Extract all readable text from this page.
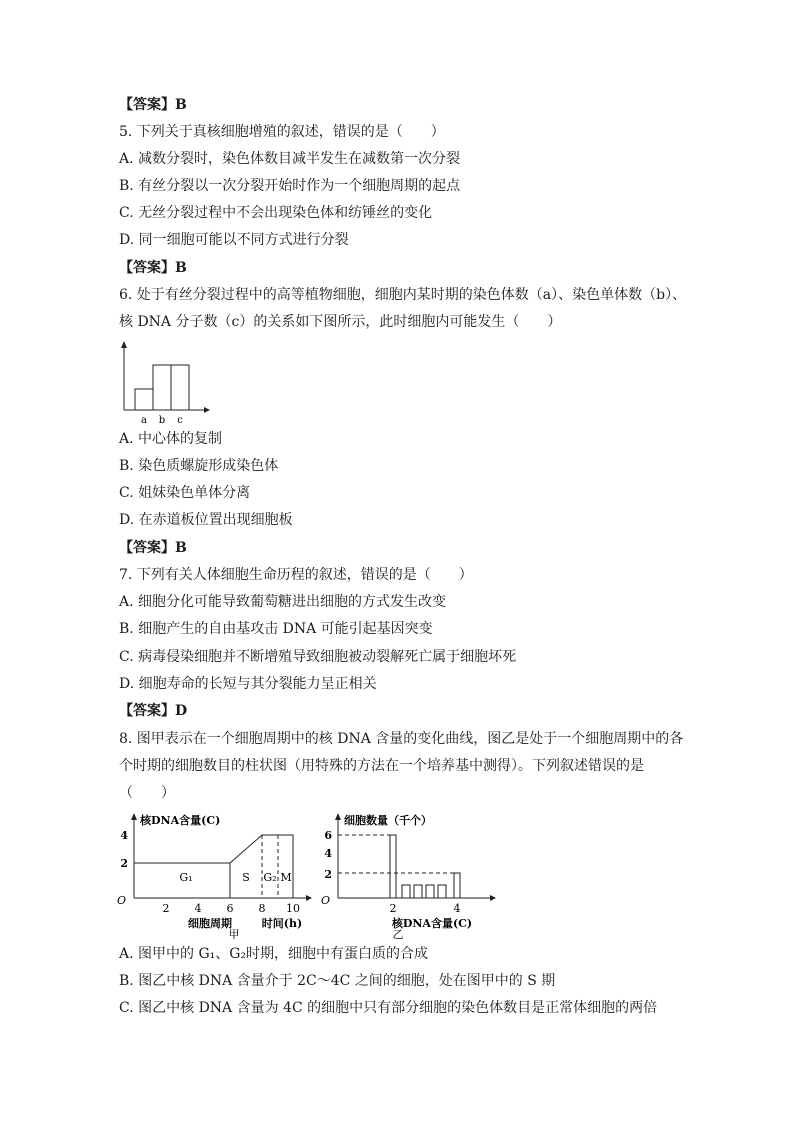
【答案】B
5. 下列关于真核细胞增殖的叙述，错误的是（　　）
A. 减数分裂时，染色体数目减半发生在减数第一次分裂
B. 有丝分裂以一次分裂开始时作为一个细胞周期的起点
C. 无丝分裂过程中不会出现染色体和纺锤丝的变化
D. 同一细胞可能以不同方式进行分裂
【答案】B
6. 处于有丝分裂过程中的高等植物细胞，细胞内某时期的染色体数（a）、染色单体数（b）、
核 DNA 分子数（c）的关系如下图所示，此时细胞内可能发生（　　）
a b c
A. 中心体的复制
B. 染色质螺旋形成染色体
C. 姐妹染色单体分离
D. 在赤道板位置出现细胞板
【答案】B
7. 下列有关人体细胞生命历程的叙述，错误的是（　　）
A. 细胞分化可能导致葡萄糖进出细胞的方式发生改变
B. 细胞产生的自由基攻击 DNA 可能引起基因突变
C. 病毒侵染细胞并不断增殖导致细胞被动裂解死亡属于细胞坏死
D. 细胞寿命的长短与其分裂能力呈正相关
【答案】D
8. 图甲表示在一个细胞周期中的核 DNA 含量的变化曲线，图乙是处于一个细胞周期中的各
个时期的细胞数目的柱状图（用特殊的方法在一个培养基中测得）。下列叙述错误的是
（　　）
核DNA含量(C)
4
2
O
G₁	S G₂ M
2 4 6 8 10
细胞周期	时间(h)
甲
细胞数量（千个）
6
4
2
O
2	4
核DNA含量(C)
乙
A. 图甲中的 G₁、G₂时期，细胞中有蛋白质的合成
B. 图乙中核 DNA 含量介于 2C～4C 之间的细胞，处在图甲中的 S 期
C. 图乙中核 DNA 含量为 4C 的细胞中只有部分细胞的染色体数目是正常体细胞的两倍
